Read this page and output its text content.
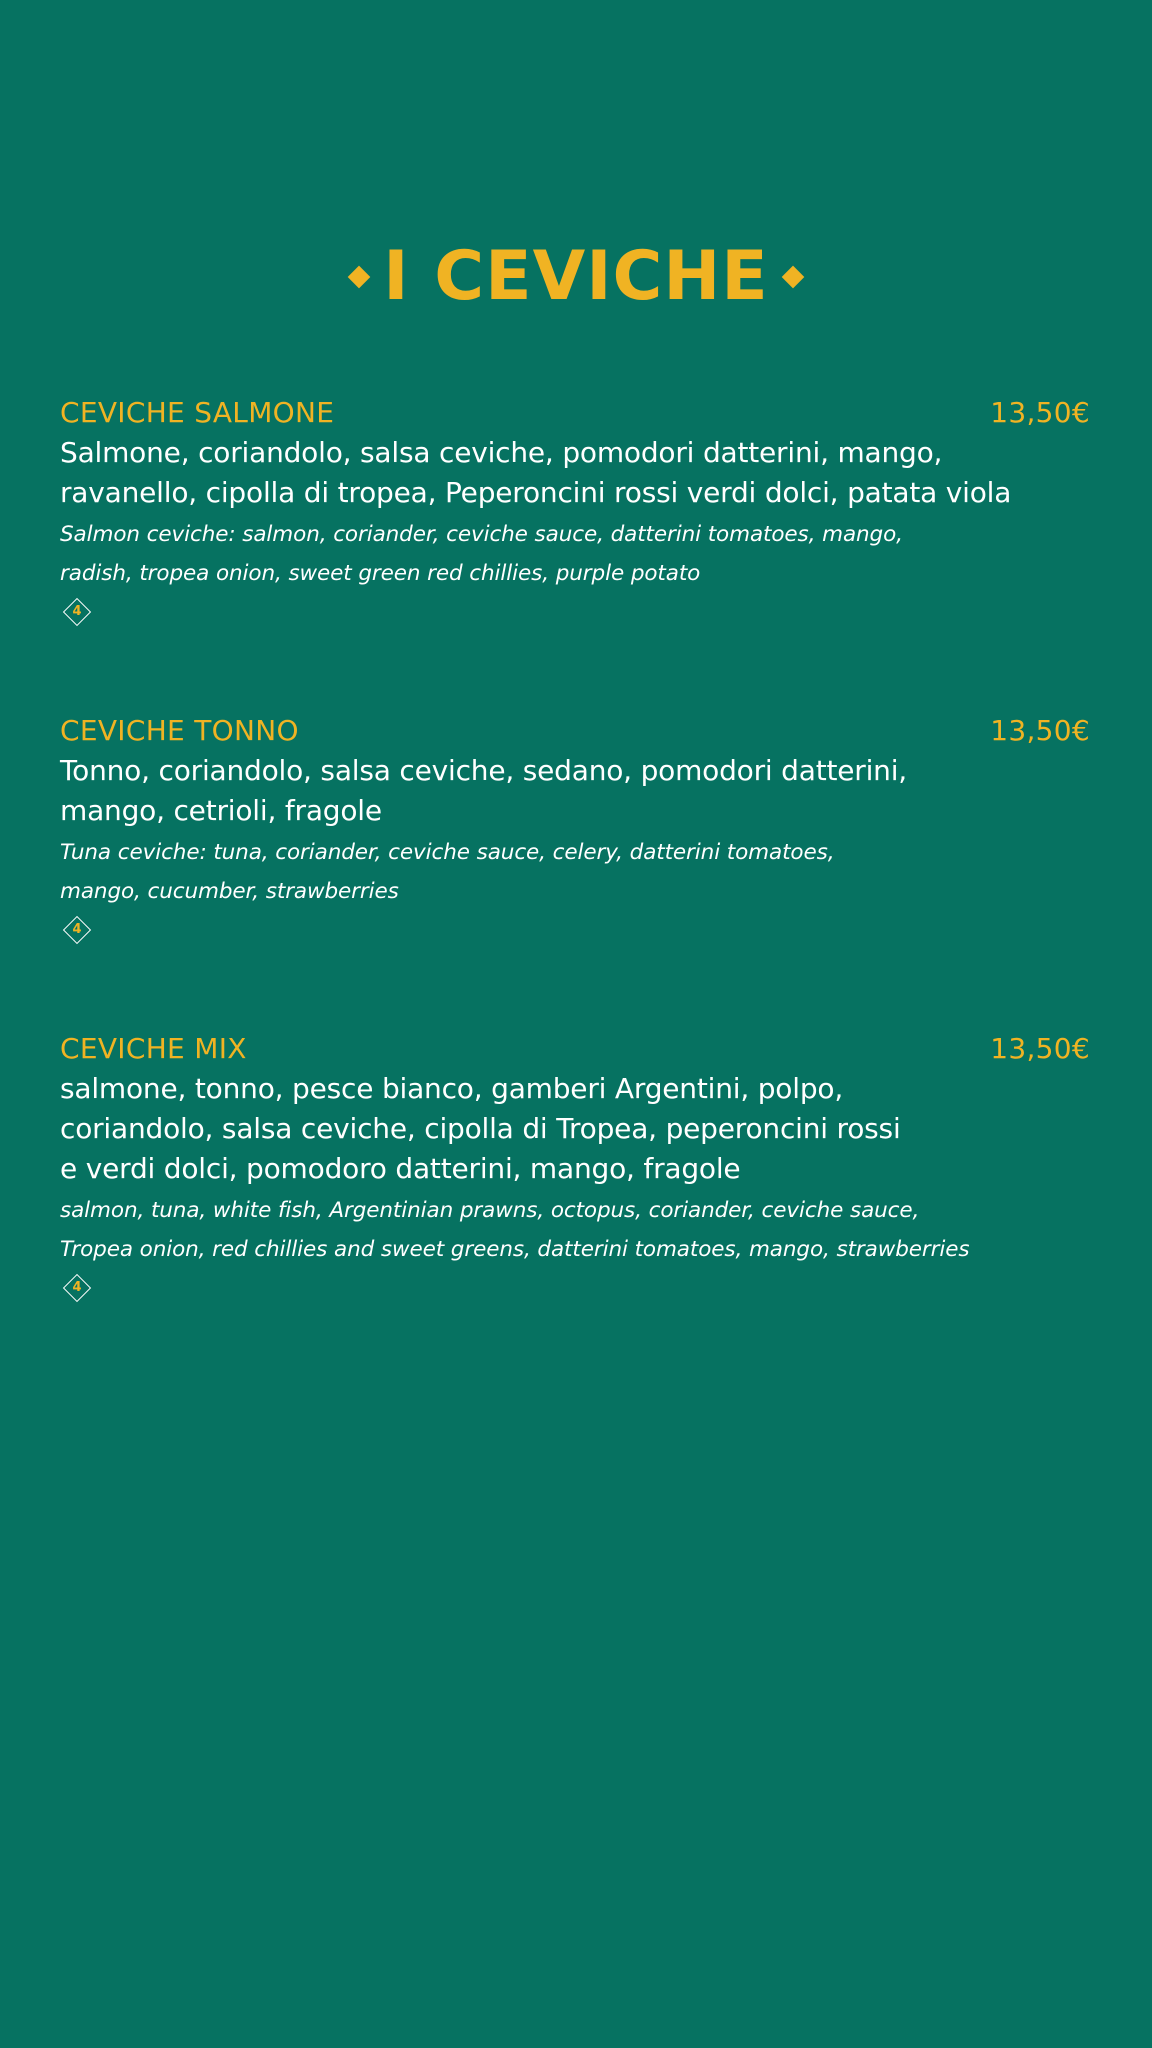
I CEVICHE
CEVICHE SALMONE	13,50€

Salmone, coriandolo, salsa ceviche, pomodori datterini, mango,
ravanello, cipolla di tropea, Peperoncini rossi verdi dolci, patata viola

Salmon ceviche: salmon, coriander, ceviche sauce, datterini tomatoes, mango,
radish, tropea onion, sweet green red chillies, purple potato

4
CEVICHE TONNO	13,50€

Tonno, coriandolo, salsa ceviche, sedano, pomodori datterini,
mango, cetrioli, fragole

Tuna ceviche: tuna, coriander, ceviche sauce, celery, datterini tomatoes,
mango, cucumber, strawberries

4
CEVICHE MIX	13,50€

salmone, tonno, pesce bianco, gamberi Argentini, polpo,
coriandolo, salsa ceviche, cipolla di Tropea, peperoncini rossi
e verdi dolci, pomodoro datterini, mango, fragole

salmon, tuna, white fish, Argentinian prawns, octopus, coriander, ceviche sauce,
Tropea onion, red chillies and sweet greens, datterini tomatoes, mango, strawberries

4
